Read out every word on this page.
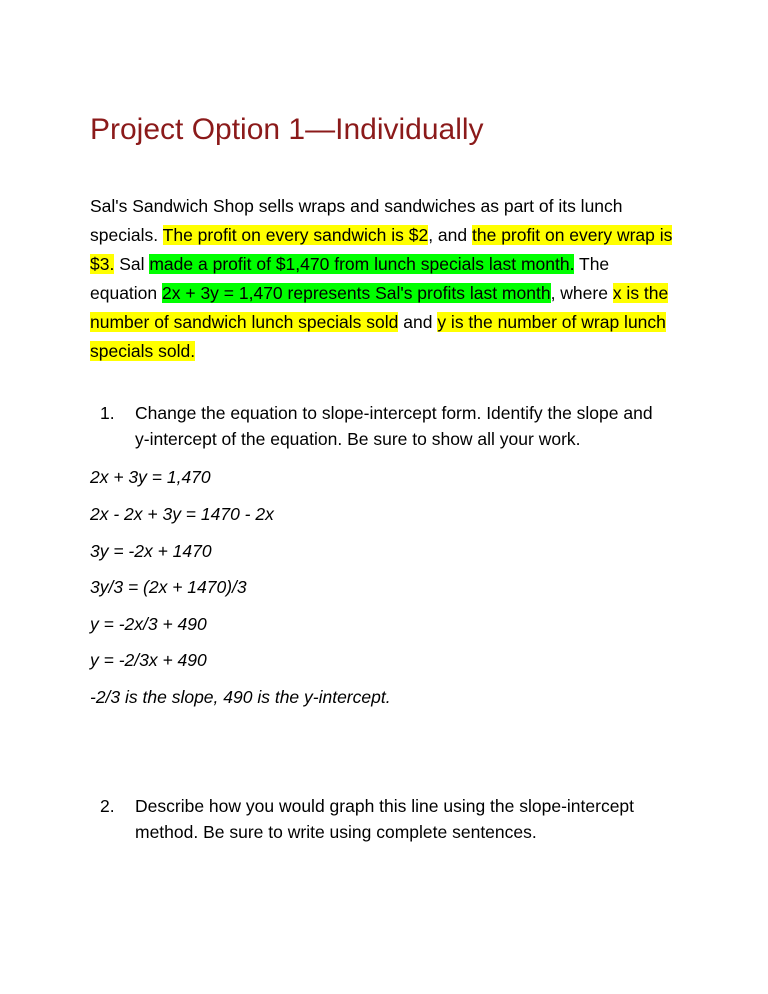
Project Option 1—Individually

Sal's Sandwich Shop sells wraps and sandwiches as part of its lunch specials. The profit on every sandwich is $2, and the profit on every wrap is $3. Sal made a profit of $1,470 from lunch specials last month. The equation 2x + 3y = 1,470 represents Sal's profits last month, where x is the number of sandwich lunch specials sold and y is the number of wrap lunch specials sold.

1.	Change the equation to slope-intercept form. Identify the slope and y-intercept of the equation. Be sure to show all your work.

2x + 3y = 1,470

2x - 2x + 3y = 1470 - 2x

3y = -2x + 1470

3y/3 = (2x + 1470)/3

y = -2x/3 + 490

y = -2/3x + 490

-2/3 is the slope, 490 is the y-intercept.

2.	Describe how you would graph this line using the slope-intercept method. Be sure to write using complete sentences.
